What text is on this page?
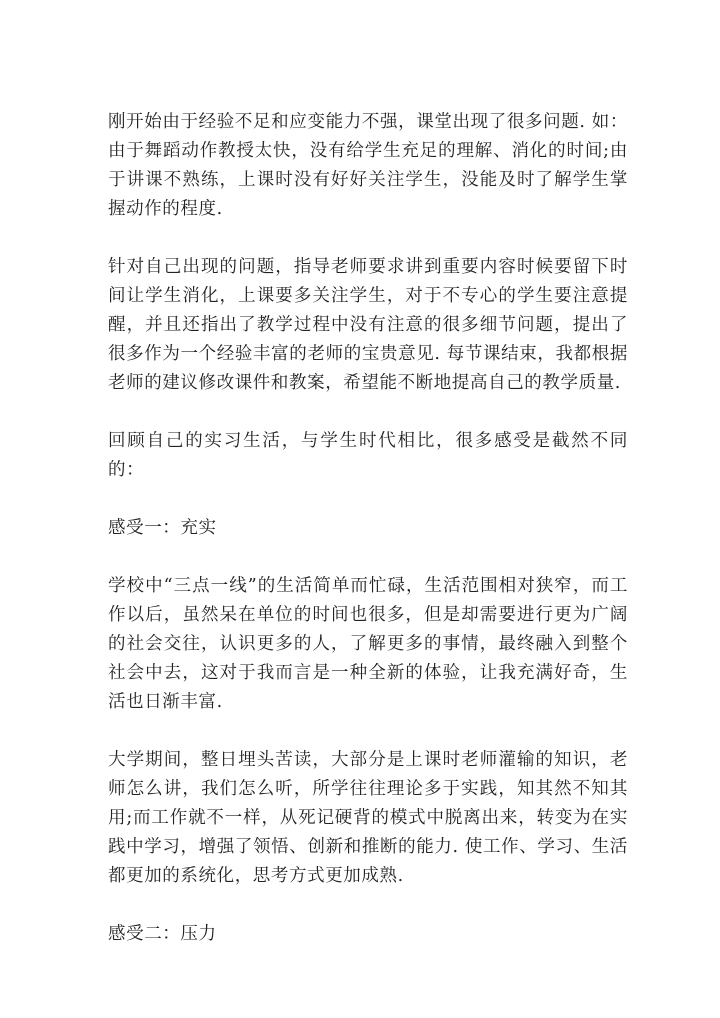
刚开始由于经验不足和应变能力不强，课堂出现了很多问题. 如：由于舞蹈动作教授太快，没有给学生充足的理解、消化的时间;由于讲课不熟练，上课时没有好好关注学生，没能及时了解学生掌握动作的程度.

针对自己出现的问题，指导老师要求讲到重要内容时候要留下时间让学生消化，上课要多关注学生，对于不专心的学生要注意提醒，并且还指出了教学过程中没有注意的很多细节问题，提出了很多作为一个经验丰富的老师的宝贵意见. 每节课结束，我都根据老师的建议修改课件和教案，希望能不断地提高自己的教学质量.

回顾自己的实习生活，与学生时代相比，很多感受是截然不同的：

感受一：充实

学校中“三点一线”的生活简单而忙碌，生活范围相对狭窄，而工作以后，虽然呆在单位的时间也很多，但是却需要进行更为广阔的社会交往，认识更多的人，了解更多的事情，最终融入到整个社会中去，这对于我而言是一种全新的体验，让我充满好奇，生活也日渐丰富.

大学期间，整日埋头苦读，大部分是上课时老师灌输的知识，老师怎么讲，我们怎么听，所学往往理论多于实践，知其然不知其用;而工作就不一样，从死记硬背的模式中脱离出来，转变为在实践中学习，增强了领悟、创新和推断的能力. 使工作、学习、生活都更加的系统化，思考方式更加成熟.

感受二：压力
